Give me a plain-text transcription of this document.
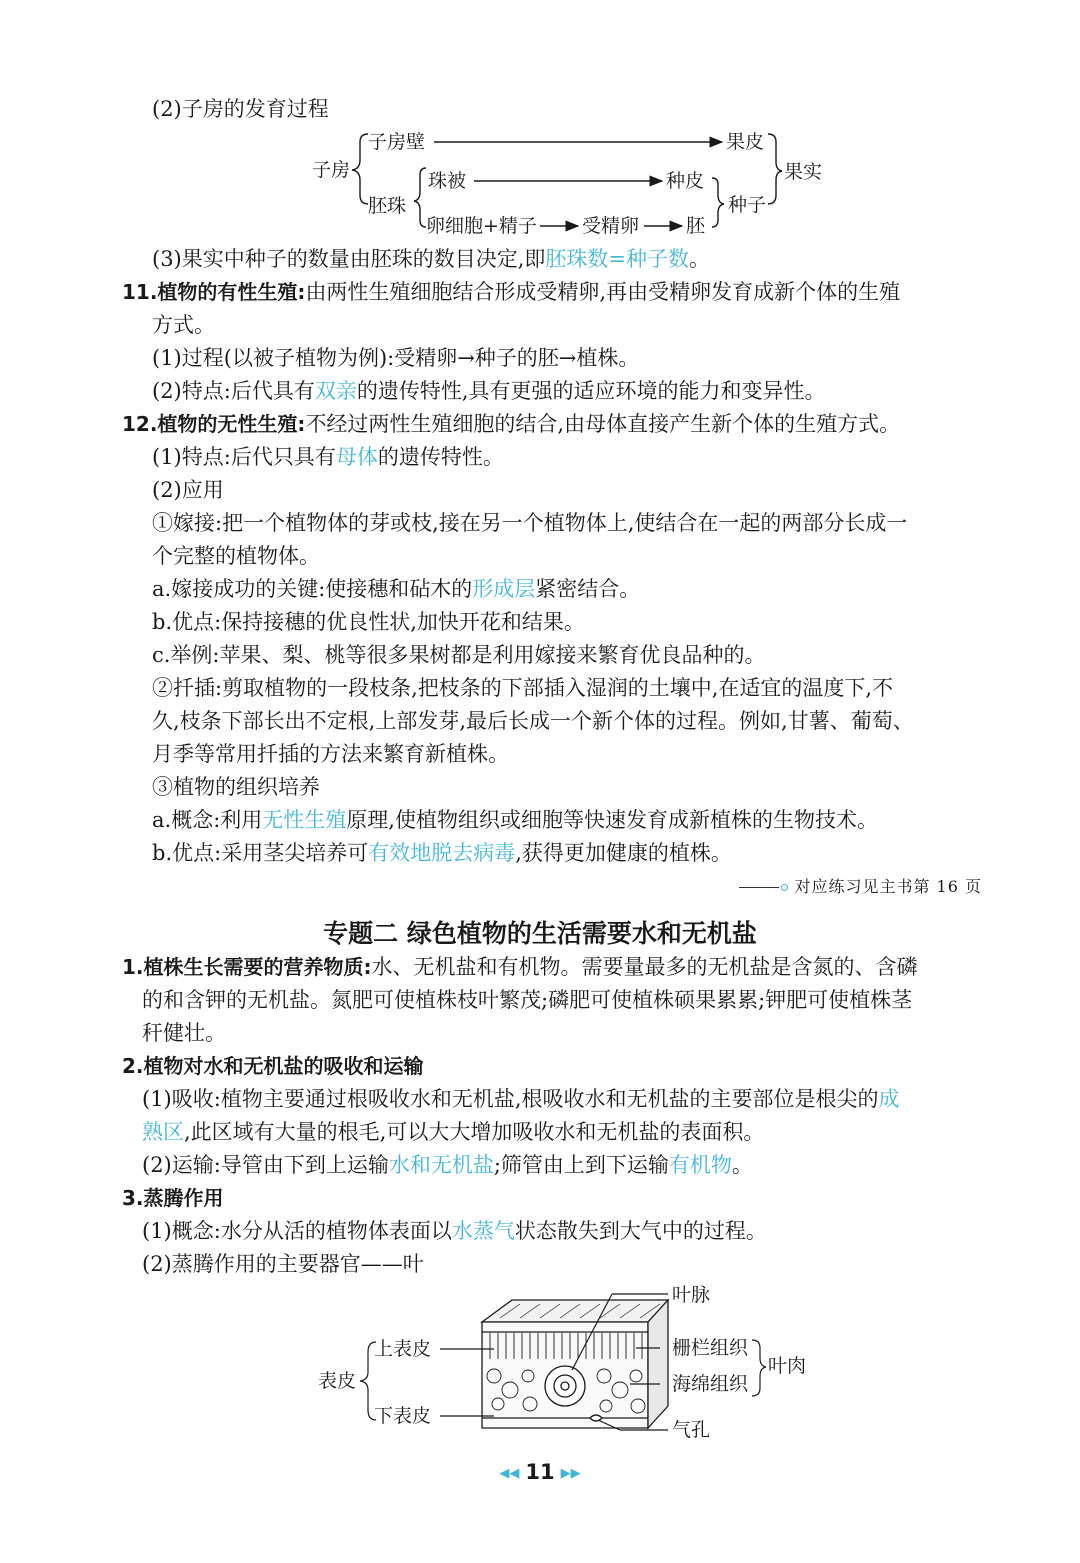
(2)子房的发育过程
子房
子房壁	果皮
果实
胚珠
珠被	种皮
种子
卵细胞+精子 受精卵 胚
(3)果实中种子的数量由胚珠的数目决定,即胚珠数=种子数。
11.植物的有性生殖:由两性生殖细胞结合形成受精卵,再由受精卵发育成新个体的生殖
方式。
(1)过程(以被子植物为例):受精卵→种子的胚→植株。
(2)特点:后代具有双亲的遗传特性,具有更强的适应环境的能力和变异性。
12.植物的无性生殖:不经过两性生殖细胞的结合,由母体直接产生新个体的生殖方式。
(1)特点:后代只具有母体的遗传特性。
(2)应用
①嫁接:把一个植物体的芽或枝,接在另一个植物体上,使结合在一起的两部分长成一
个完整的植物体。
a.嫁接成功的关键:使接穗和砧木的形成层紧密结合。
b.优点:保持接穗的优良性状,加快开花和结果。
c.举例:苹果、梨、桃等很多果树都是利用嫁接来繁育优良品种的。
②扦插:剪取植物的一段枝条,把枝条的下部插入湿润的土壤中,在适宜的温度下,不
久,枝条下部长出不定根,上部发芽,最后长成一个新个体的过程。例如,甘薯、葡萄、
月季等常用扦插的方法来繁育新植株。
③植物的组织培养
a.概念:利用无性生殖原理,使植物组织或细胞等快速发育成新植株的生物技术。
b.优点:采用茎尖培养可有效地脱去病毒,获得更加健康的植株。
对应练习见主书第 16 页
专题二 绿色植物的生活需要水和无机盐
1.植株生长需要的营养物质:水、无机盐和有机物。需要量最多的无机盐是含氮的、含磷
的和含钾的无机盐。氮肥可使植株枝叶繁茂;磷肥可使植株硕果累累;钾肥可使植株茎
秆健壮。
2.植物对水和无机盐的吸收和运输
(1)吸收:植物主要通过根吸收水和无机盐,根吸收水和无机盐的主要部位是根尖的成
熟区,此区域有大量的根毛,可以大大增加吸收水和无机盐的表面积。
(2)运输:导管由下到上运输水和无机盐;筛管由上到下运输有机物。
3.蒸腾作用
(1)概念:水分从活的植物体表面以水蒸气状态散失到大气中的过程。
(2)蒸腾作用的主要器官——叶
叶脉
上表皮
表皮
下表皮
栅栏组织
海绵组织
叶肉
气孔
◀◀ 11 ▶▶
